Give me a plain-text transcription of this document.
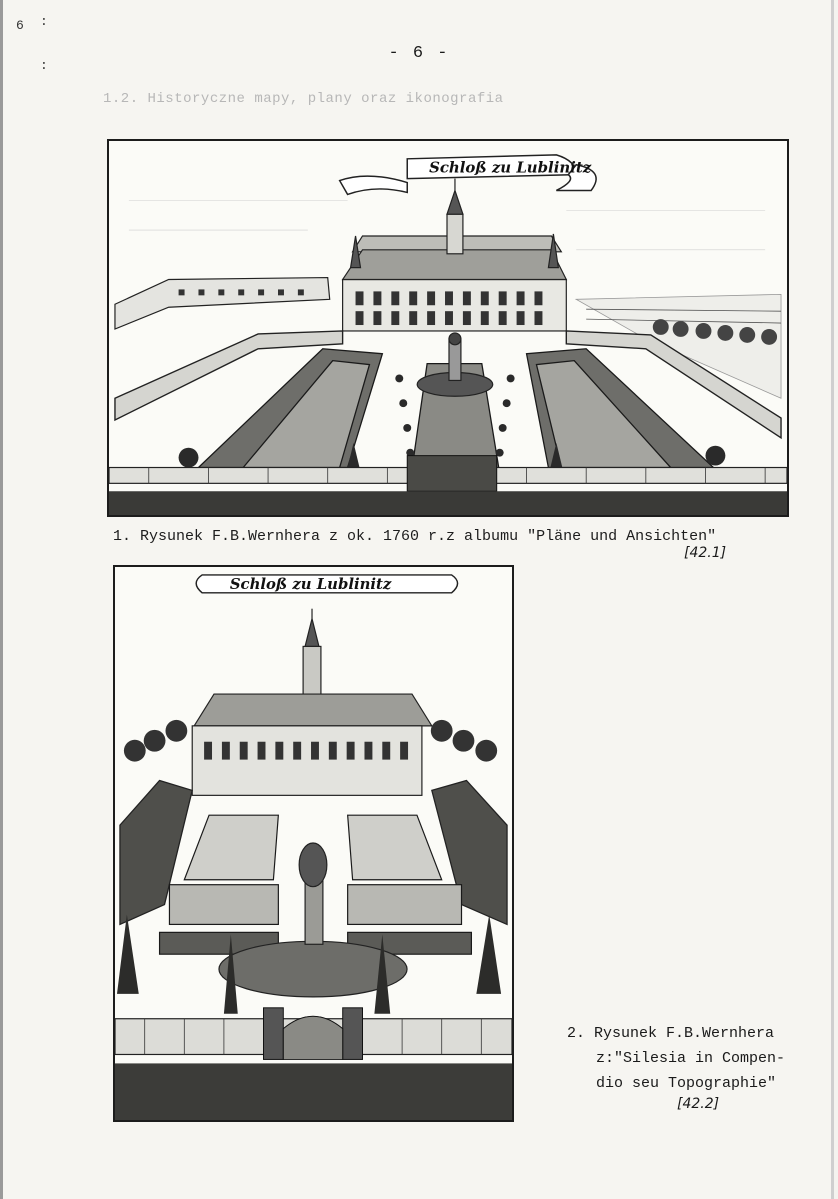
6 :
:
- 6 -
1.2. Historyczne mapy, plany oraz ikonografia
Schloß zu Lublinitz
1. Rysunek F.B.Wernhera z ok. 1760 r.z albumu "Pläne und Ansichten"
[42.1]
Schloß zu Lublinitz
2. Rysunek F.B.Wernhera
z:"Silesia in Compen-
dio seu Topographie"
[42.2]
